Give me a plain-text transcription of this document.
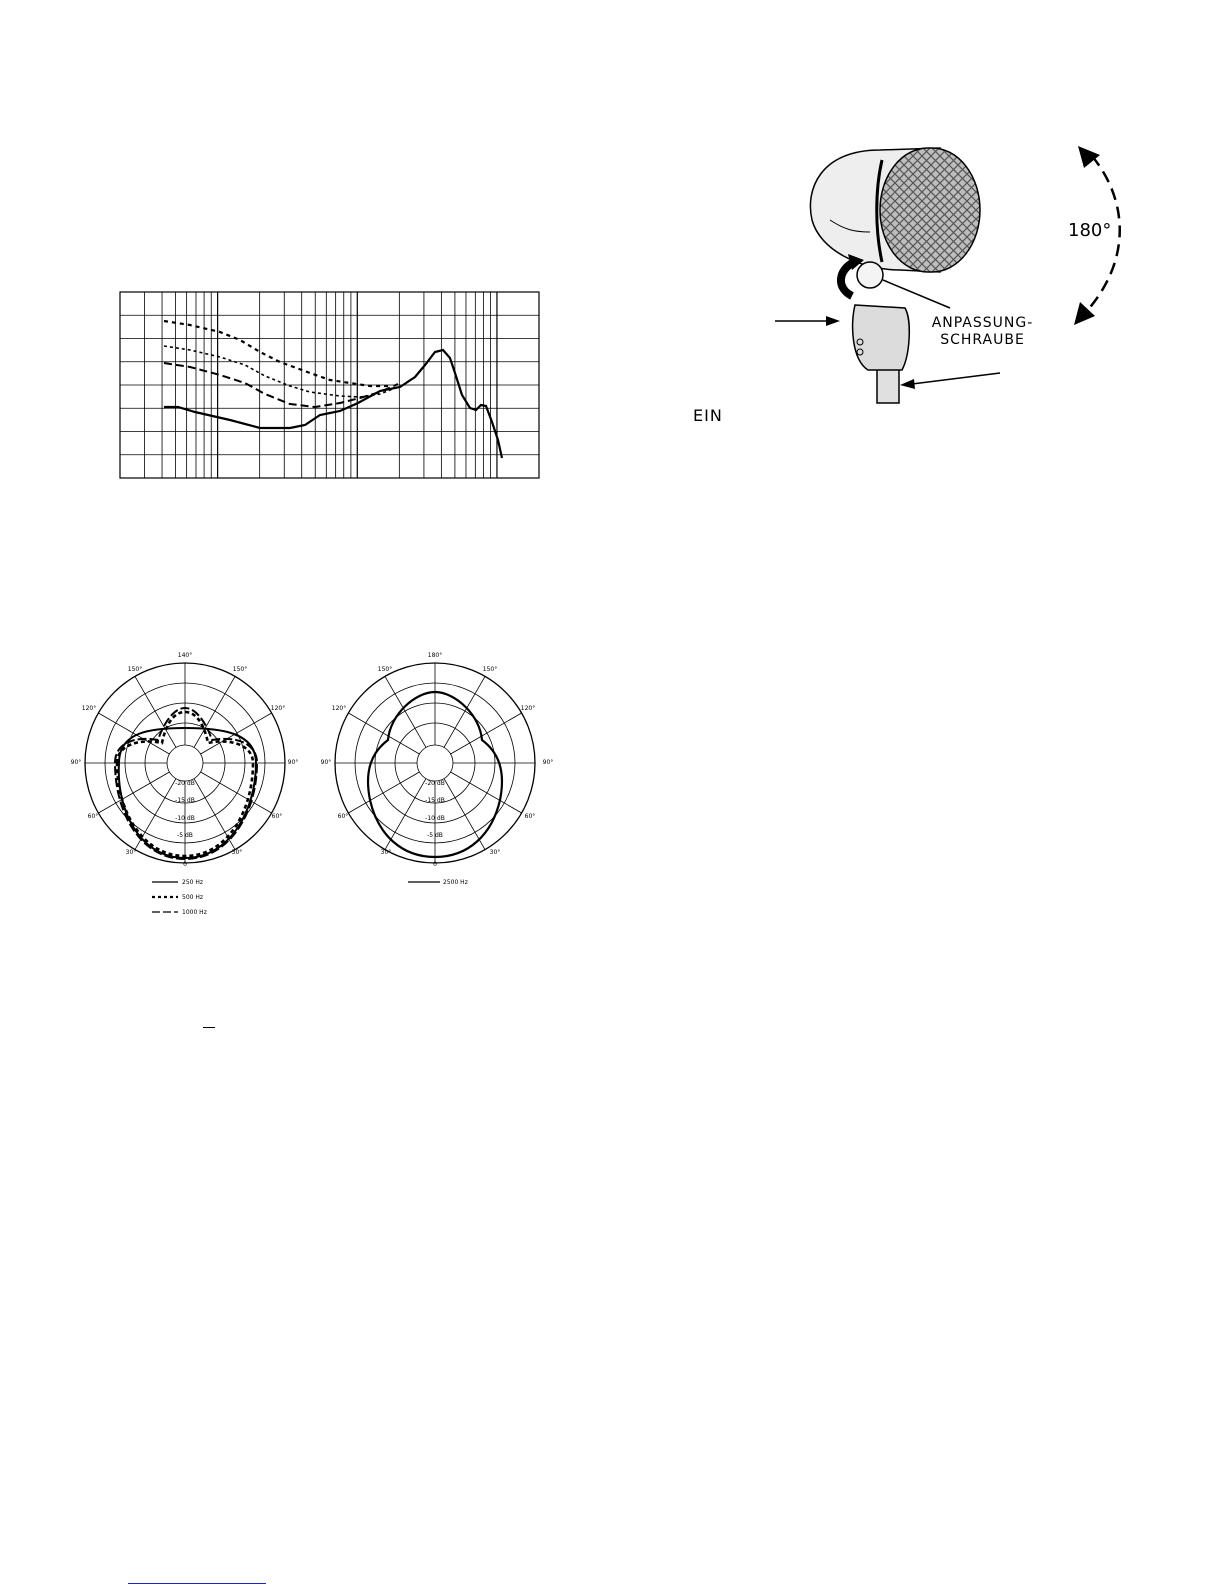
140°
150°	150°
120°	120°
90°	90°
60°	60°
30°	30°
0
-20 dB
-15 dB
-10 dB
-5 dB
250 Hz
500 Hz
1000 Hz
180°
150°	150°
120°	120°
90°	90°
60°	60°
30°	30°
0
-20 dB
-15 dB
-10 dB
-5 dB
2500 Hz
180°
ANPASSUNG-
SCHRAUBE
EIN
